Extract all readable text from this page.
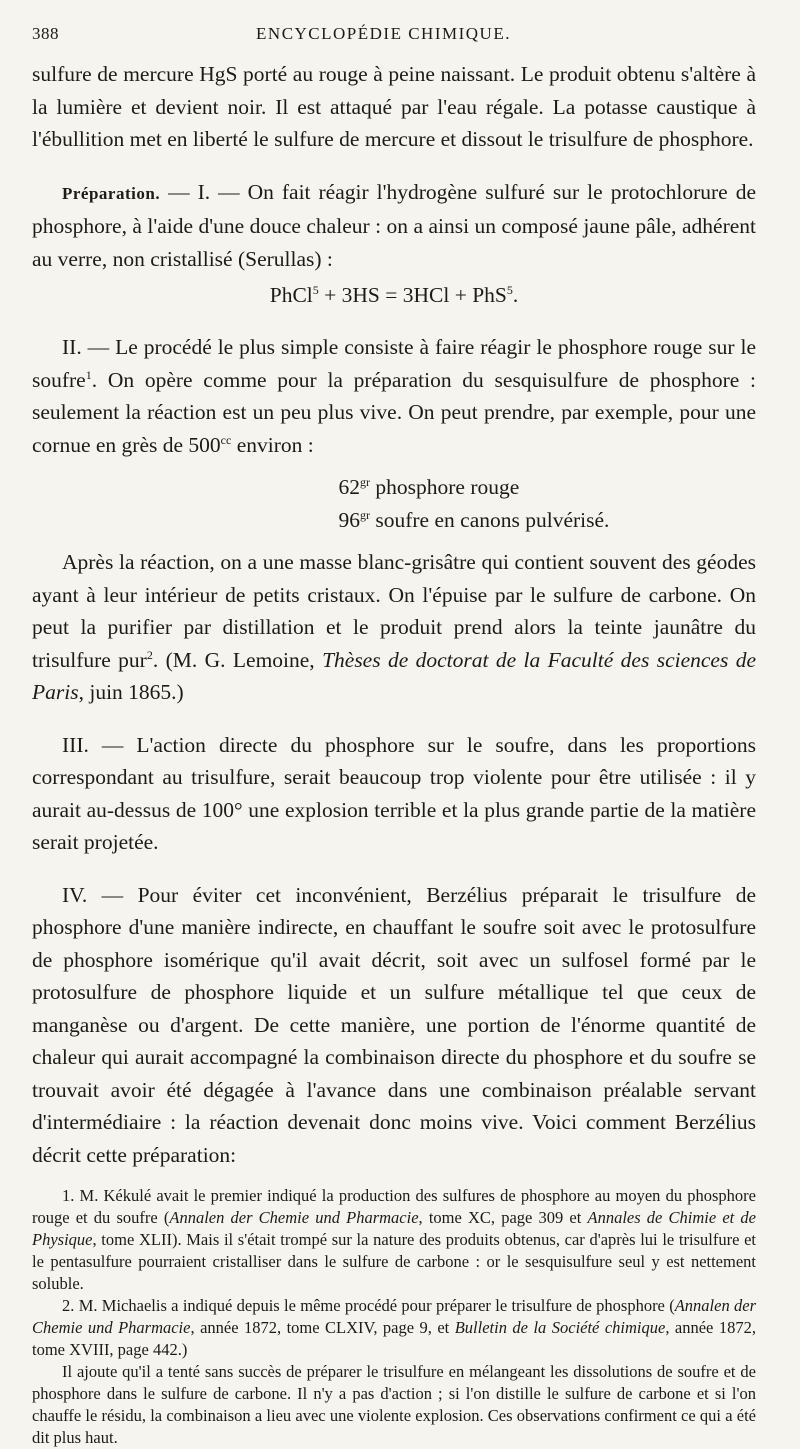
388	ENCYCLOPÉDIE CHIMIQUE.

sulfure de mercure HgS porté au rouge à peine naissant. Le produit obtenu s'altère à la lumière et devient noir. Il est attaqué par l'eau régale. La potasse caustique à l'ébullition met en liberté le sulfure de mercure et dissout le trisulfure de phosphore.

Préparation. — I. — On fait réagir l'hydrogène sulfuré sur le protochlorure de phosphore, à l'aide d'une douce chaleur : on a ainsi un composé jaune pâle, adhérent au verre, non cristallisé (Serullas) :

PhCl$^5$ + 3HS = 3HCl + PhS$^5$.

II. — Le procédé le plus simple consiste à faire réagir le phosphore rouge sur le soufre$^1$. On opère comme pour la préparation du sesquisulfure de phosphore : seulement la réaction est un peu plus vive. On peut prendre, par exemple, pour une cornue en grès de $500^{cc}$ environ :

$62^{gr}$ phosphore rouge
$96^{gr}$ soufre en canons pulvérisé.

Après la réaction, on a une masse blanc-grisâtre qui contient souvent des géodes ayant à leur intérieur de petits cristaux. On l'épuise par le sulfure de carbone. On peut la purifier par distillation et le produit prend alors la teinte jaunâtre du trisulfure pur$^2$. (M. G. Lemoine, Thèses de doctorat de la Faculté des sciences de Paris, juin 1865.)

III. — L'action directe du phosphore sur le soufre, dans les proportions correspondant au trisulfure, serait beaucoup trop violente pour être utilisée : il y aurait au-dessus de 100° une explosion terrible et la plus grande partie de la matière serait projetée.

IV. — Pour éviter cet inconvénient, Berzélius préparait le trisulfure de phosphore d'une manière indirecte, en chauffant le soufre soit avec le protosulfure de phosphore isomérique qu'il avait décrit, soit avec un sulfosel formé par le protosulfure de phosphore liquide et un sulfure métallique tel que ceux de manganèse ou d'argent. De cette manière, une portion de l'énorme quantité de chaleur qui aurait accompagné la combinaison directe du phosphore et du soufre se trouvait avoir été dégagée à l'avance dans une combinaison préalable servant d'intermédiaire : la réaction devenait donc moins vive. Voici comment Berzélius décrit cette préparation:

1. M. Kékulé avait le premier indiqué la production des sulfures de phosphore au moyen du phosphore rouge et du soufre (Annalen der Chemie und Pharmacie, tome XC, page 309 et Annales de Chimie et de Physique, tome XLII). Mais il s'était trompé sur la nature des produits obtenus, car d'après lui le trisulfure et le pentasulfure pourraient cristalliser dans le sulfure de carbone : or le sesquisulfure seul y est nettement soluble.

2. M. Michaelis a indiqué depuis le même procédé pour préparer le trisulfure de phosphore (Annalen der Chemie und Pharmacie, année 1872, tome CLXIV, page 9, et Bulletin de la Société chimique, année 1872, tome XVIII, page 442.)

Il ajoute qu'il a tenté sans succès de préparer le trisulfure en mélangeant les dissolutions de soufre et de phosphore dans le sulfure de carbone. Il n'y a pas d'action ; si l'on distille le sulfure de carbone et si l'on chauffe le résidu, la combinaison a lieu avec une violente explosion. Ces observations confirment ce qui a été dit plus haut.
